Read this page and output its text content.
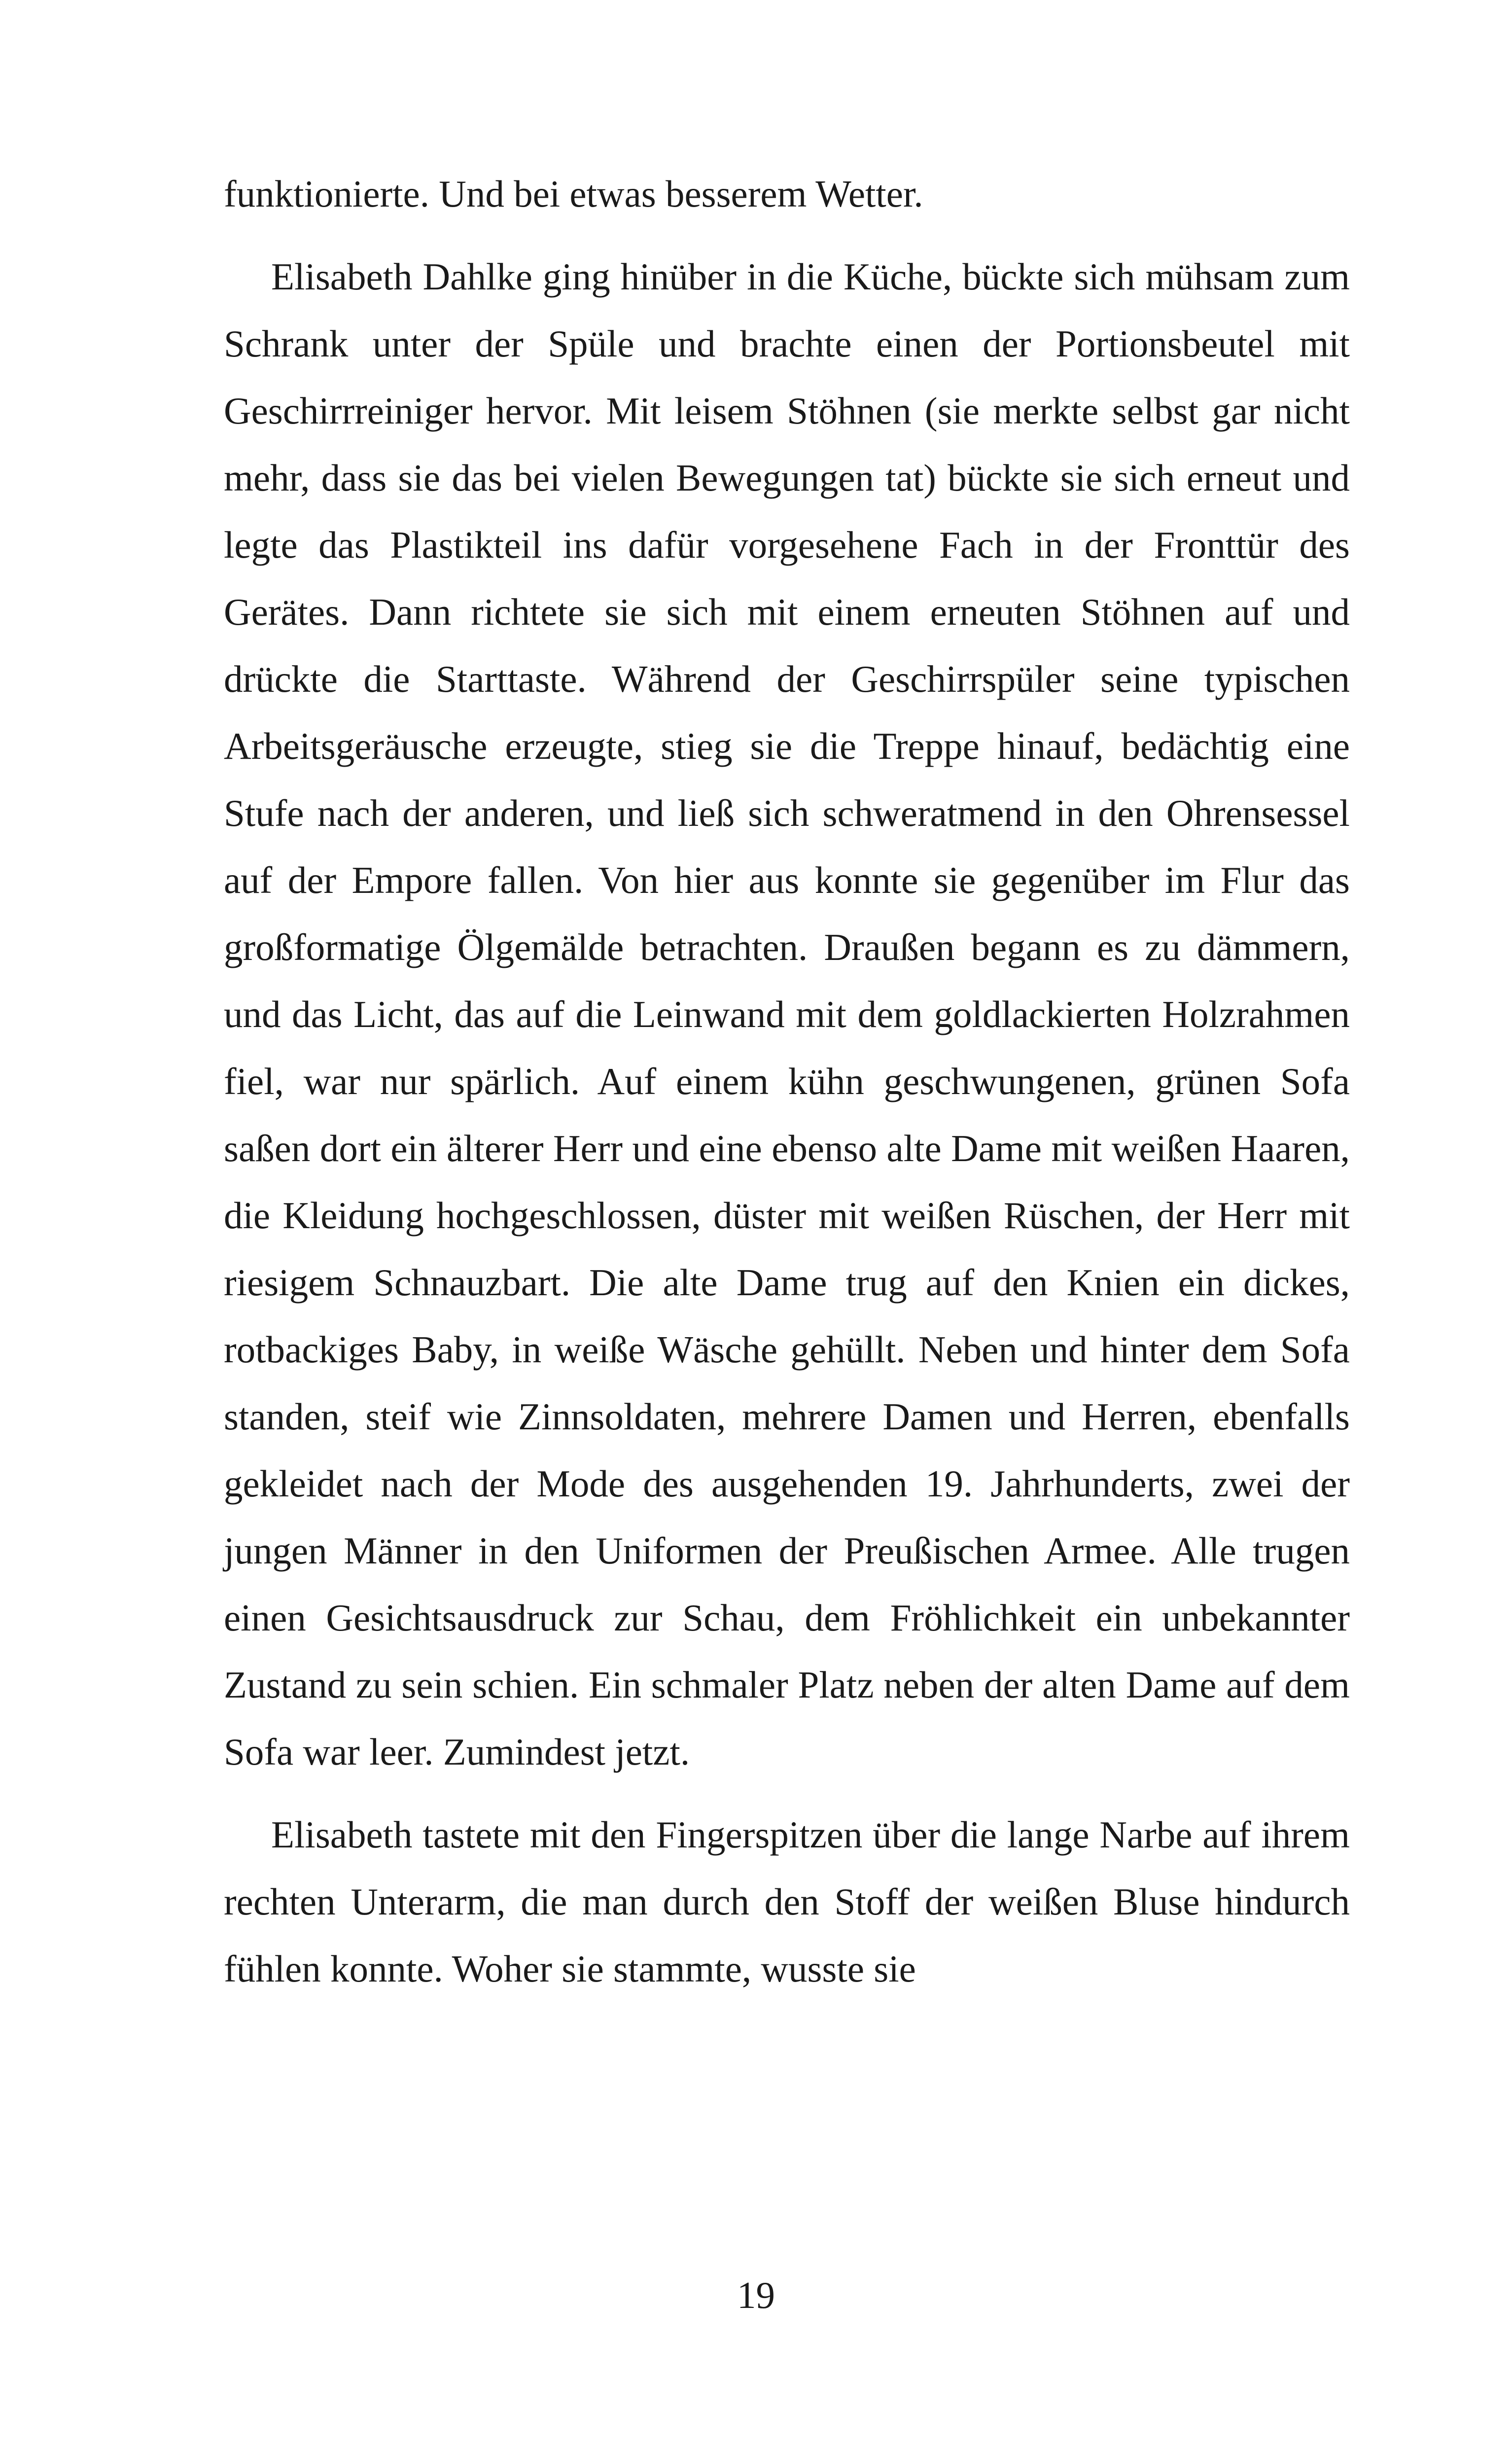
funktionierte. Und bei etwas besserem Wetter.

Elisabeth Dahlke ging hinüber in die Küche, bückte sich mühsam zum Schrank unter der Spüle und brachte einen der Portionsbeutel mit Geschirrreiniger hervor. Mit leisem Stöhnen (sie merkte selbst gar nicht mehr, dass sie das bei vielen Bewegungen tat) bückte sie sich erneut und legte das Plastikteil ins dafür vorgesehene Fach in der Fronttür des Gerätes. Dann richtete sie sich mit einem erneuten Stöhnen auf und drückte die Starttaste. Während der Geschirrspüler seine typischen Arbeitsgeräusche erzeugte, stieg sie die Treppe hinauf, bedächtig eine Stufe nach der anderen, und ließ sich schweratmend in den Ohrensessel auf der Empore fallen. Von hier aus konnte sie gegenüber im Flur das großformatige Ölgemälde betrachten. Draußen begann es zu dämmern, und das Licht, das auf die Leinwand mit dem goldlackierten Holzrahmen fiel, war nur spärlich. Auf einem kühn geschwungenen, grünen Sofa saßen dort ein älterer Herr und eine ebenso alte Dame mit weißen Haaren, die Kleidung hochgeschlossen, düster mit weißen Rüschen, der Herr mit riesigem Schnauzbart. Die alte Dame trug auf den Knien ein dickes, rotbackiges Baby, in weiße Wäsche gehüllt. Neben und hinter dem Sofa standen, steif wie Zinnsoldaten, mehrere Damen und Herren, ebenfalls gekleidet nach der Mode des ausgehenden 19. Jahrhunderts, zwei der jungen Männer in den Uniformen der Preußischen Armee. Alle trugen einen Gesichtsausdruck zur Schau, dem Fröhlichkeit ein unbekannter Zustand zu sein schien. Ein schmaler Platz neben der alten Dame auf dem Sofa war leer. Zumindest jetzt.

Elisabeth tastete mit den Fingerspitzen über die lange Narbe auf ihrem rechten Unterarm, die man durch den Stoff der weißen Bluse hindurch fühlen konnte. Woher sie stammte, wusste sie

19
